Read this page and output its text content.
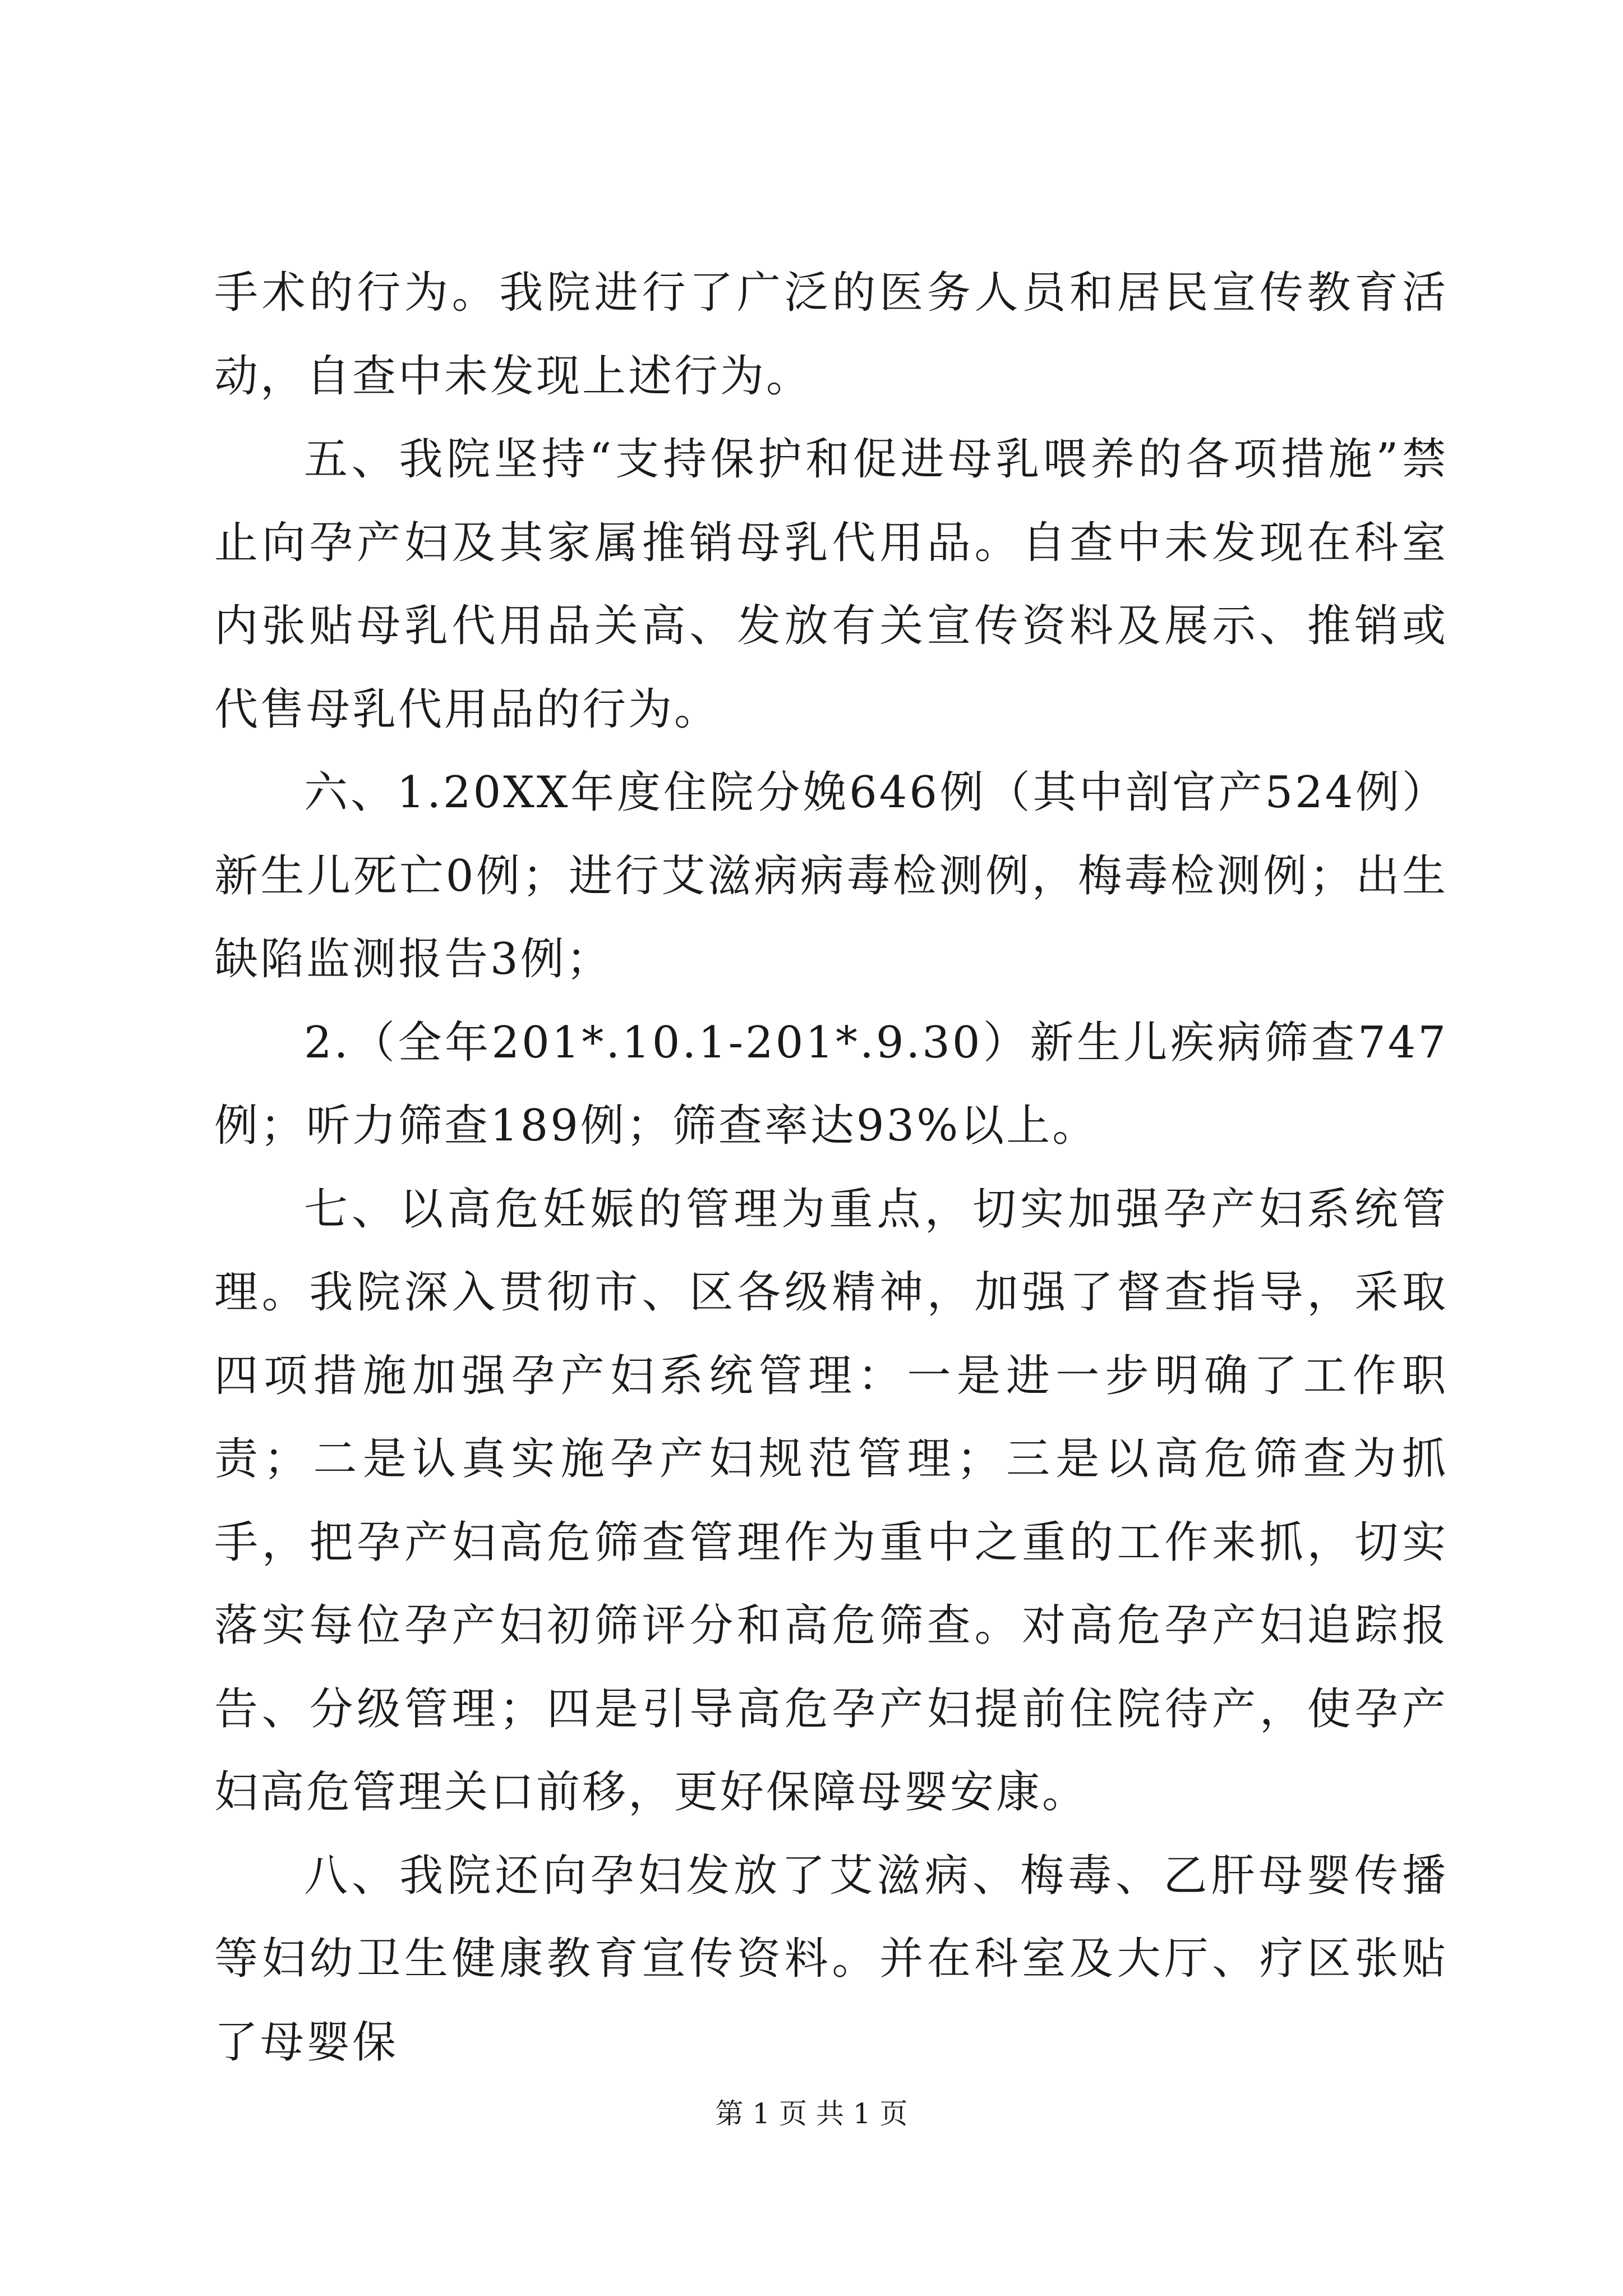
手术的行为。我院进行了广泛的医务人员和居民宣传教育活动，自查中未发现上述行为。

五、我院坚持“支持保护和促进母乳喂养的各项措施”禁止向孕产妇及其家属推销母乳代用品。自查中未发现在科室内张贴母乳代用品关高、发放有关宣传资料及展示、推销或代售母乳代用品的行为。

六、1.20XX年度住院分娩646例（其中剖官产524例）新生儿死亡0例；进行艾滋病病毒检测例，梅毒检测例；出生缺陷监测报告3例；

2.（全年201*.10.1-201*.9.30）新生儿疾病筛查747例；听力筛查189例；筛查率达93%以上。

七、以高危妊娠的管理为重点，切实加强孕产妇系统管理。我院深入贯彻市、区各级精神，加强了督查指导，采取四项措施加强孕产妇系统管理：一是进一步明确了工作职责；二是认真实施孕产妇规范管理；三是以高危筛查为抓手，把孕产妇高危筛查管理作为重中之重的工作来抓，切实落实每位孕产妇初筛评分和高危筛查。对高危孕产妇追踪报告、分级管理；四是引导高危孕产妇提前住院待产，使孕产妇高危管理关口前移，更好保障母婴安康。

八、我院还向孕妇发放了艾滋病、梅毒、乙肝母婴传播等妇幼卫生健康教育宣传资料。并在科室及大厅、疗区张贴了母婴保

第 1 页 共 1 页
